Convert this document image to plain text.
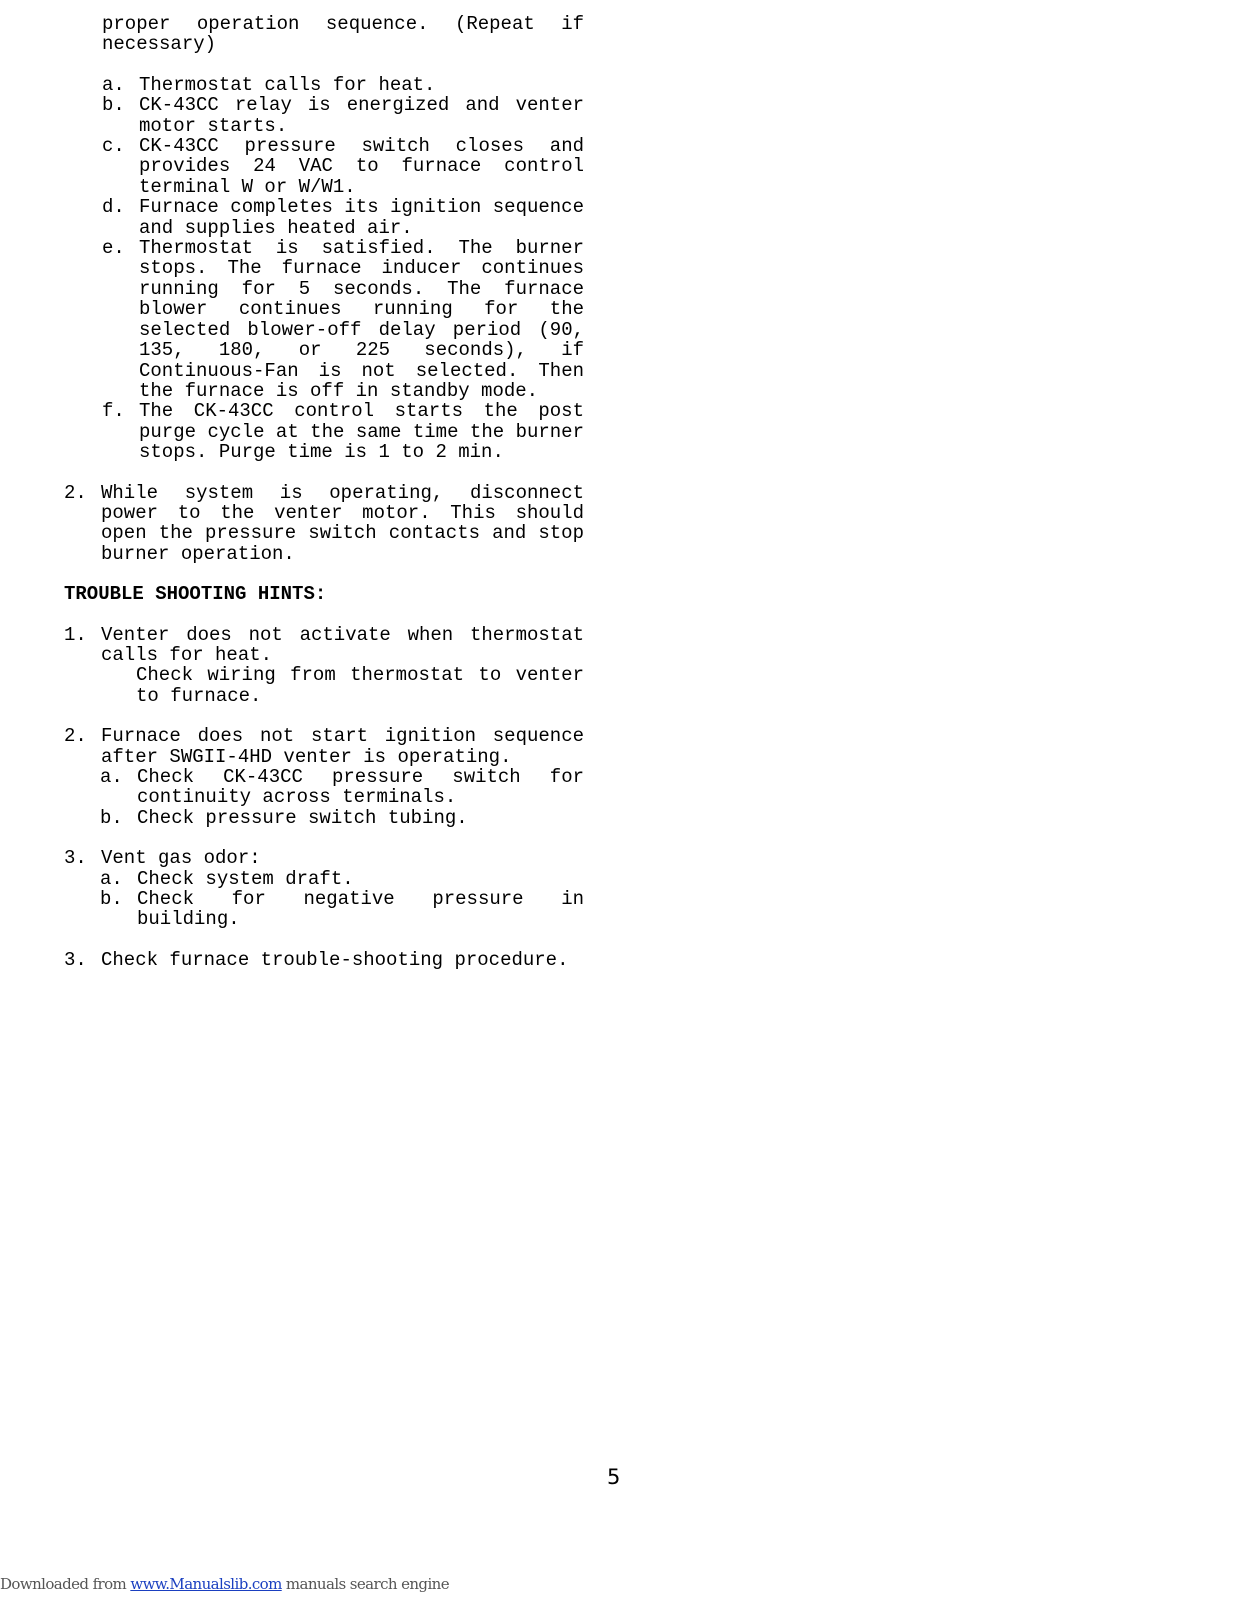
proper operation sequence. (Repeat if necessary)
a. Thermostat calls for heat.
b. CK-43CC relay is energized and venter motor starts.
c. CK-43CC pressure switch closes and provides 24 VAC to furnace control terminal W or W/W1.
d. Furnace completes its ignition sequence and supplies heated air.
e. Thermostat is satisfied. The burner stops. The furnace inducer continues running for 5 seconds. The furnace blower continues running for the selected blower-off delay period (90, 135, 180, or 225 seconds), if Continuous-Fan is not selected. Then the furnace is off in standby mode.
f. The CK-43CC control starts the post purge cycle at the same time the burner stops. Purge time is 1 to 2 min.
2. While system is operating, disconnect power to the venter motor. This should open the pressure switch contacts and stop burner operation.
TROUBLE SHOOTING HINTS:
1. Venter does not activate when thermostat calls for heat.
Check wiring from thermostat to venter to furnace.
2. Furnace does not start ignition sequence after SWGII-4HD venter is operating.
a. Check CK-43CC pressure switch for continuity across terminals.
b. Check pressure switch tubing.
3. Vent gas odor:
a. Check system draft.
b. Check for negative pressure in building.
3. Check furnace trouble-shooting procedure.
5
Downloaded from www.Manualslib.com manuals search engine
